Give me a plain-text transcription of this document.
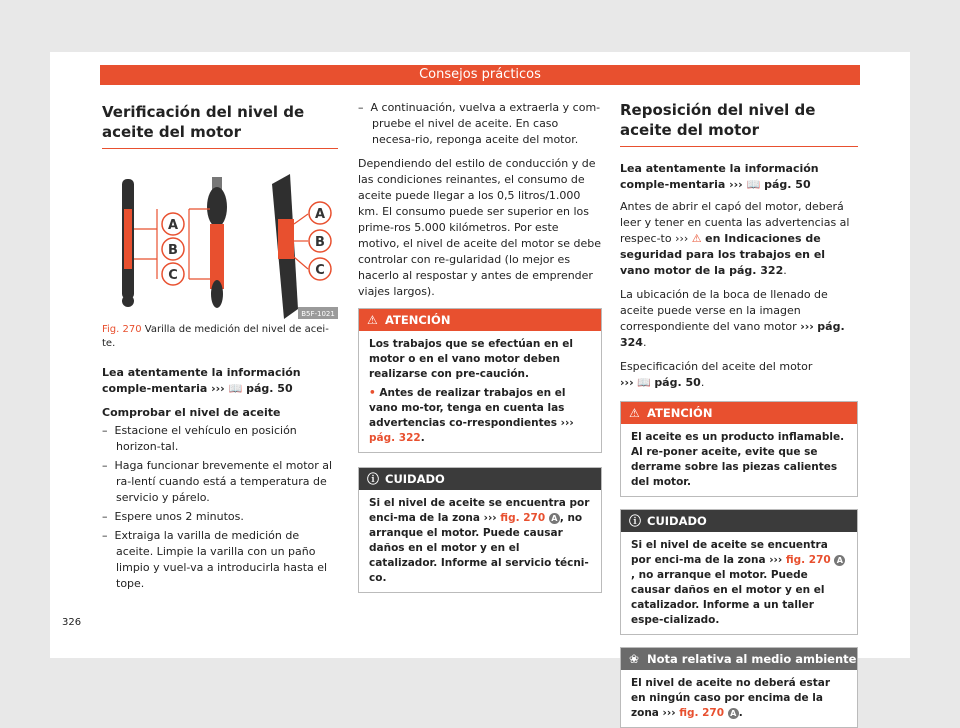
Consejos prácticos
Verificación del nivel de aceite del motor
A
B
C
A
B
C
B5F-1021

Fig. 270 Varilla de medición del nivel de acei-te.

Lea atentamente la información comple-mentaria ››› 📖 pág. 50

Comprobar el nivel de aceite

–  Estacione el vehículo en posición horizon-tal.

–  Haga funcionar brevemente el motor al ra-lentí cuando está a temperatura de servicio y párelo.

–  Espere unos 2 minutos.

–  Extraiga la varilla de medición de aceite. Limpie la varilla con un paño limpio y vuel-va a introducirla hasta el tope.

–  A continuación, vuelva a extraerla y com-pruebe el nivel de aceite. En caso necesa-rio, reponga aceite del motor.

Dependiendo del estilo de conducción y de las condiciones reinantes, el consumo de aceite puede llegar a los 0,5 litros/1.000 km. El consumo puede ser superior en los prime-ros 5.000 kilómetros. Por este motivo, el nivel de aceite del motor se debe controlar con re-gularidad (lo mejor es hacerlo al respostar y antes de emprender viajes largos).

⚠ ATENCIÓN

Los trabajos que se efectúan en el motor o en el vano motor deben realizarse con pre-caución.

• Antes de realizar trabajos en el vano mo-tor, tenga en cuenta las advertencias co-rrespondientes ››› pág. 322.

ⓘ CUIDADO
Si el nivel de aceite se encuentra por enci-ma de la zona ››› fig. 270 A , no arranque el motor. Puede causar daños en el motor y en el catalizador. Informe al servicio técni-co.
Reposición del nivel de aceite del motor

Lea atentamente la información comple-mentaria ››› 📖 pág. 50

Antes de abrir el capó del motor, deberá leer y tener en cuenta las advertencias al respec-to ››› ⚠ en Indicaciones de seguridad para los trabajos en el vano motor de la pág. 322.

La ubicación de la boca de llenado de aceite puede verse en la imagen correspondiente del vano motor ››› pág. 324.

Especificación del aceite del motor
››› 📖 pág. 50.

⚠ ATENCIÓN
El aceite es un producto inflamable. Al re-poner aceite, evite que se derrame sobre las piezas calientes del motor.
ⓘ CUIDADO
Si el nivel de aceite se encuentra por enci-ma de la zona ››› fig. 270 A, no arranque el motor. Puede causar daños en el motor y en el catalizador. Informe a un taller espe-cializado.
❀ Nota relativa al medio ambiente
El nivel de aceite no deberá estar en ningún caso por encima de la zona ››› fig. 270 A .
326
